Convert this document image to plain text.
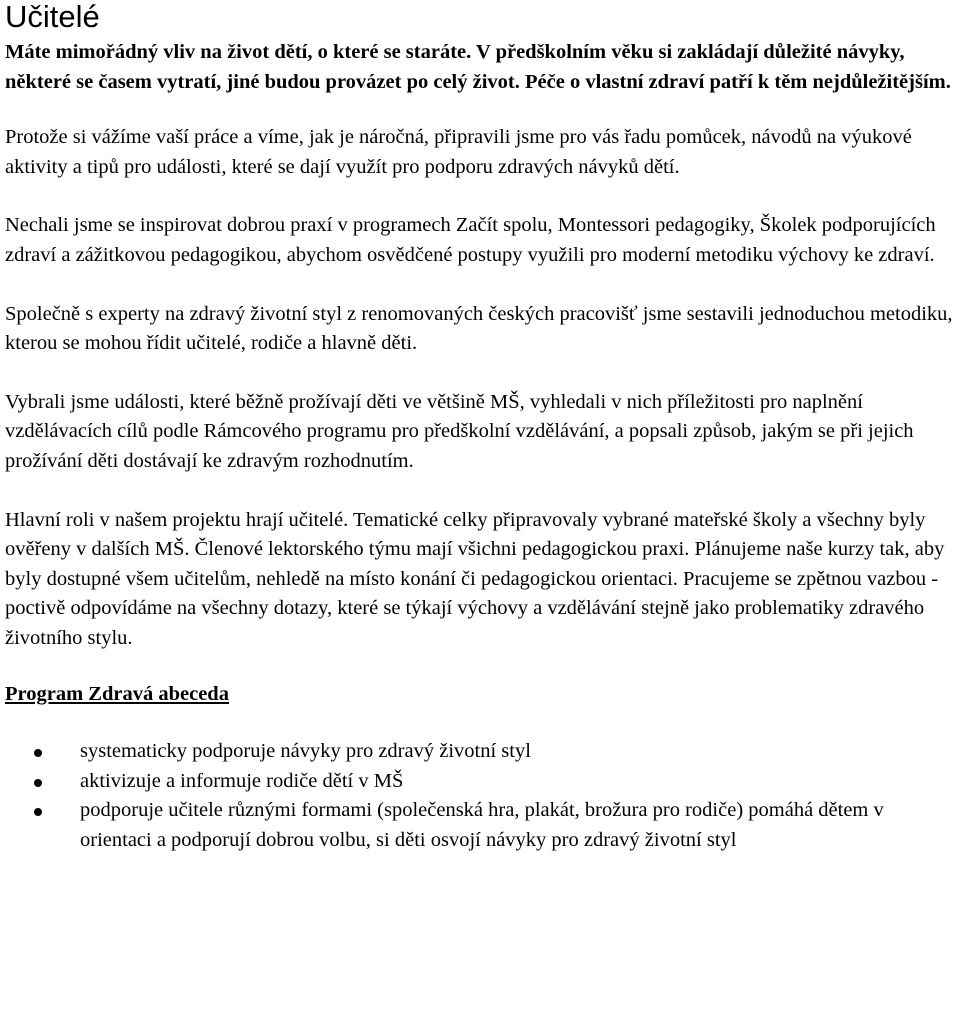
Učitelé

Máte mimořádný vliv na život dětí, o které se staráte. V předškolním věku si zakládají důležité návyky, některé se časem vytratí, jiné budou provázet po celý život. Péče o vlastní zdraví patří k těm nejdůležitějším.

Protože si vážíme vaší práce a víme, jak je náročná, připravili jsme pro vás řadu pomůcek, návodů na výukové aktivity a tipů pro události, které se dají využít pro podporu zdravých návyků dětí.

Nechali jsme se inspirovat dobrou praxí v programech Začít spolu, Montessori pedagogiky, Školek podporujících zdraví a zážitkovou pedagogikou, abychom osvědčené postupy využili pro moderní metodiku výchovy ke zdraví.

Společně s experty na zdravý životní styl z renomovaných českých pracovišť jsme sestavili jednoduchou metodiku, kterou se mohou řídit učitelé, rodiče a hlavně děti.

Vybrali jsme události, které běžně prožívají děti ve většině MŠ, vyhledali v nich příležitosti pro naplnění vzdělávacích cílů podle Rámcového programu pro předškolní vzdělávání, a popsali způsob, jakým se při jejich prožívání děti dostávají ke zdravým rozhodnutím.

Hlavní roli v našem projektu hrají učitelé. Tematické celky připravovaly vybrané mateřské školy a všechny byly ověřeny v dalších MŠ. Členové lektorského týmu mají všichni pedagogickou praxi. Plánujeme naše kurzy tak, aby byly dostupné všem učitelům, nehledě na místo konání či pedagogickou orientaci. Pracujeme se zpětnou vazbou - poctivě odpovídáme na všechny dotazy, které se týkají výchovy a vzdělávání stejně jako problematiky zdravého životního stylu.

Program Zdravá abeceda

systematicky podporuje návyky pro zdravý životní styl
aktivizuje a informuje rodiče dětí v MŠ
podporuje učitele různými formami (společenská hra, plakát, brožura pro rodiče) pomáhá dětem v orientaci a podporují dobrou volbu, si děti osvojí návyky pro zdravý životní styl
